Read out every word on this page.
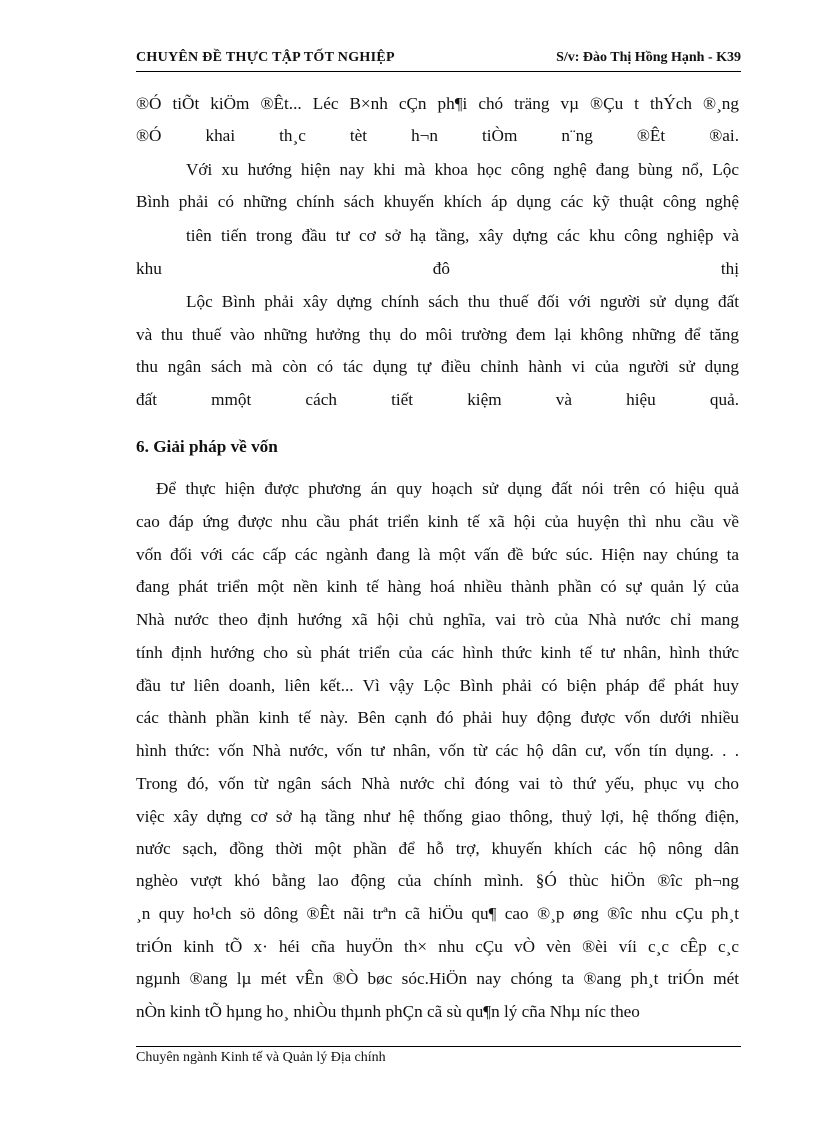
CHUYÊN ĐỀ THỰC TẬP TỐT NGHIỆP	S/v: Đào Thị Hồng Hạnh - K39
®Ó tiÕt kiÖm ®Êt... Léc B×nh cÇn ph¶i chó träng vµ ®Çu t thÝch ®¸ng
®Ó khai th¸c tèt h¬n tiÒm n¨ng ®Êt ®ai.
Với xu hướng hiện nay khi mà khoa học công nghệ đang bùng nổ, Lộc
Bình phải có những chính sách khuyến khích áp dụng các kỹ thuật công nghệ
tiên tiến trong đầu tư cơ sở hạ tầng, xây dựng các khu công nghiệp và
khu đô thị
Lộc Bình phải xây dựng chính sách thu thuế đối với người sử dụng đất
và thu thuế vào những hưởng thụ do môi trường đem lại không những để tăng
thu ngân sách mà còn có tác dụng tự điều chỉnh hành vi của người sử dụng
đất mmột cách tiết kiệm và hiệu quả.
6. Giải pháp về vốn
Để thực hiện được phương án quy hoạch sử dụng đất nói trên có hiệu quả
cao đáp ứng được nhu cầu phát triển kinh tế xã hội của huyện thì nhu cầu về
vốn đối với các cấp các ngành đang là một vấn đề bức súc. Hiện nay chúng ta
đang phát triển một nền kinh tế hàng hoá nhiều thành phần có sự quản lý của
Nhà nước theo định hướng xã hội chủ nghĩa, vai trò của Nhà nước chỉ mang
tính định hướng cho sù phát triển của các hình thức kinh tế tư nhân, hình thức
đầu tư liên doanh, liên kết... Vì vậy Lộc Bình phải có biện pháp để phát huy
các thành phần kinh tế này. Bên cạnh đó phải huy động được vốn dưới nhiều
hình thức: vốn Nhà nước, vốn tư nhân, vốn từ các hộ dân cư, vốn tín dụng. . .
Trong đó, vốn từ ngân sách Nhà nước chỉ đóng vai tò thứ yếu, phục vụ cho
việc xây dựng cơ sở hạ tầng như hệ thống giao thông, thuỷ lợi, hệ thống điện,
nước sạch, đồng thời một phần để hỗ trợ, khuyến khích các hộ nông dân
nghèo vượt khó bằng lao động của chính mình. §Ó thùc hiÖn ®îc ph¬ng
¸n quy ho¹ch sö dông ®Êt nãi trªn cã hiÖu qu¶ cao ®¸p øng ®îc nhu cÇu ph¸t
triÓn kinh tÕ x· héi cña huyÖn th× nhu cÇu vÒ vèn ®èi víi c¸c cÊp c¸c
ngµnh ®ang lµ mét vÊn ®Ò bøc sóc.HiÖn nay chóng ta ®ang ph¸t triÓn mét
nÒn kinh tÕ hµng ho¸ nhiÒu thµnh phÇn cã sù qu¶n lý cña Nhµ níc theo
Chuyên ngành Kinh tế và Quản lý Địa chính
